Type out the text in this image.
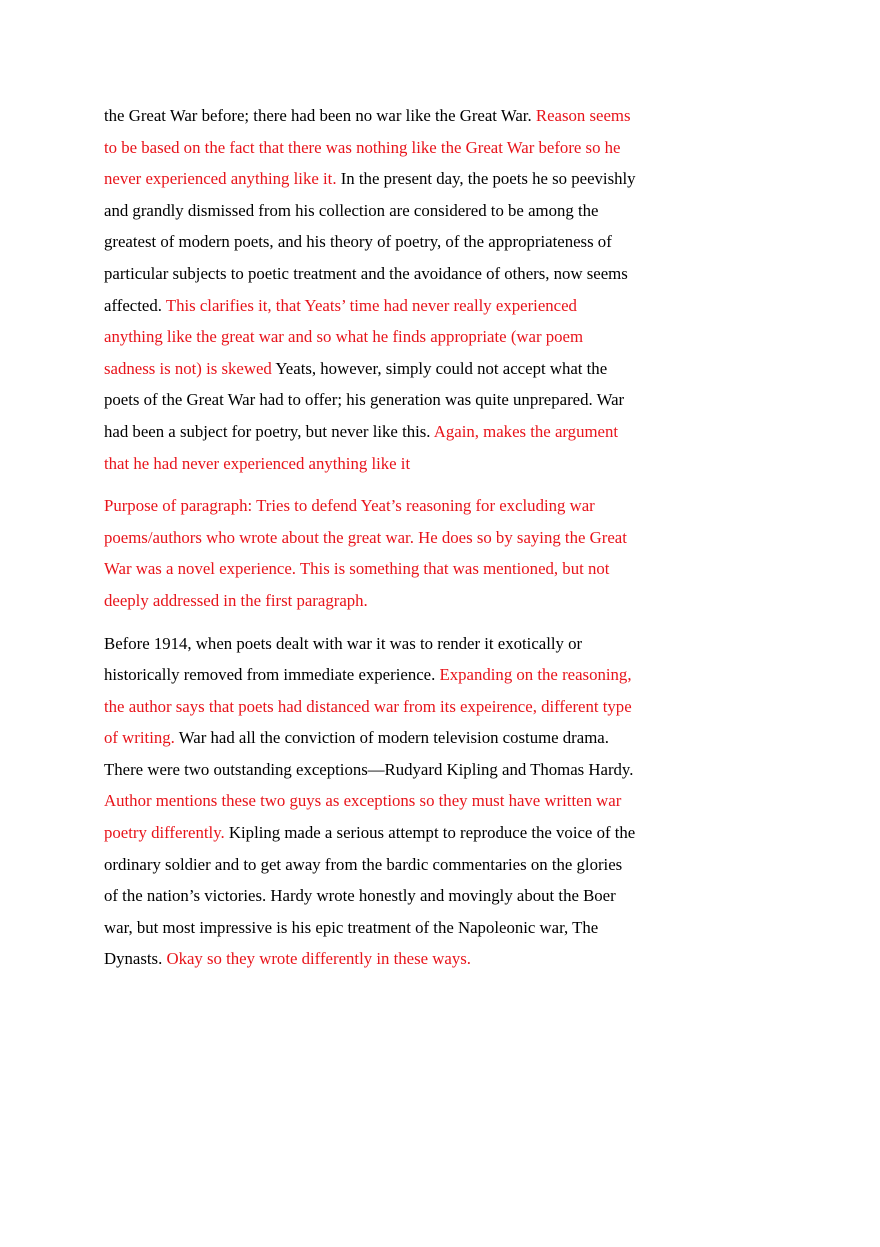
the Great War before; there had been no war like the Great War. Reason seems to be based on the fact that there was nothing like the Great War before so he never experienced anything like it. In the present day, the poets he so peevishly and grandly dismissed from his collection are considered to be among the greatest of modern poets, and his theory of poetry, of the appropriateness of particular subjects to poetic treatment and the avoidance of others, now seems affected. This clarifies it, that Yeats’ time had never really experienced anything like the great war and so what he finds appropriate (war poem sadness is not) is skewed Yeats, however, simply could not accept what the poets of the Great War had to offer; his generation was quite unprepared. War had been a subject for poetry, but never like this. Again, makes the argument that he had never experienced anything like it

Purpose of paragraph: Tries to defend Yeat’s reasoning for excluding war poems/authors who wrote about the great war. He does so by saying the Great War was a novel experience. This is something that was mentioned, but not deeply addressed in the first paragraph.

Before 1914, when poets dealt with war it was to render it exotically or historically removed from immediate experience. Expanding on the reasoning, the author says that poets had distanced war from its expeirence, different type of writing. War had all the conviction of modern television costume drama. There were two outstanding exceptions—Rudyard Kipling and Thomas Hardy. Author mentions these two guys as exceptions so they must have written war poetry differently. Kipling made a serious attempt to reproduce the voice of the ordinary soldier and to get away from the bardic commentaries on the glories of the nation’s victories. Hardy wrote honestly and movingly about the Boer war, but most impressive is his epic treatment of the Napoleonic war, The Dynasts. Okay so they wrote differently in these ways.
